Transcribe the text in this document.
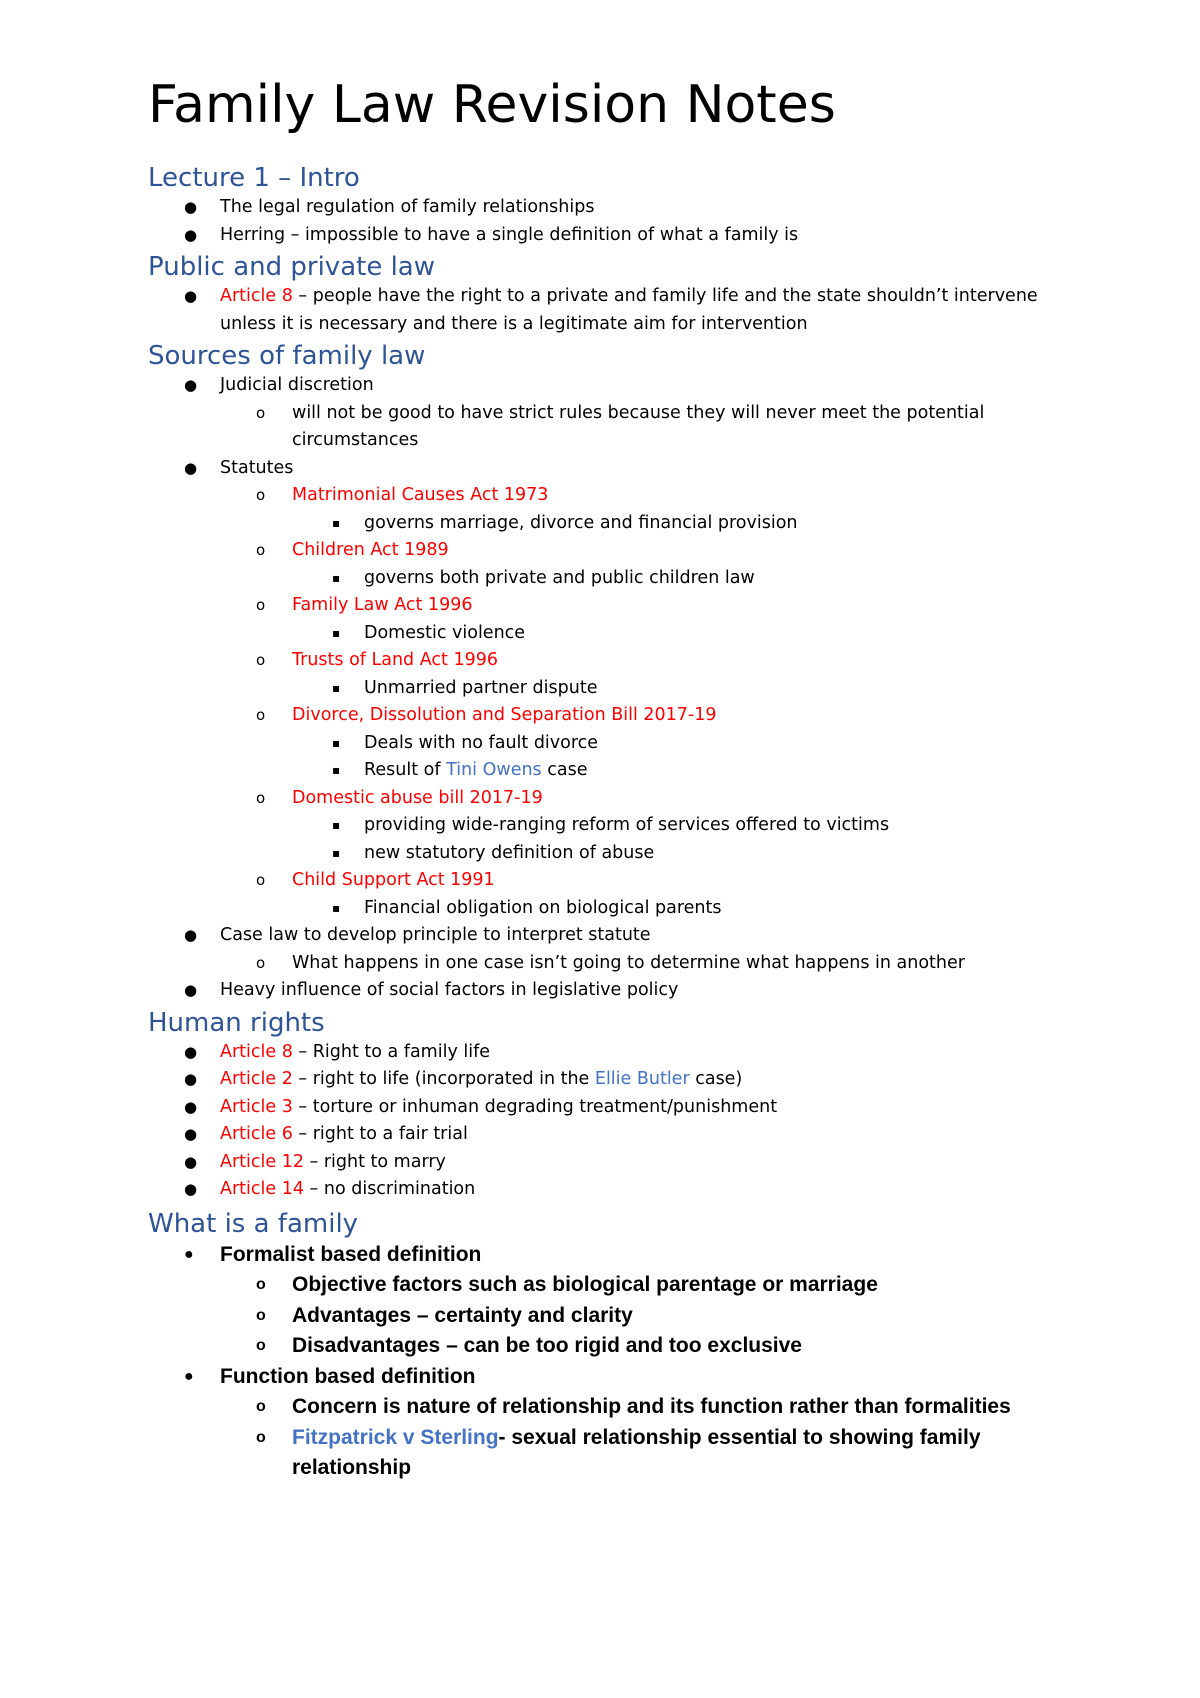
Family Law Revision Notes
Lecture 1 – Intro
● The legal regulation of family relationships
● Herring – impossible to have a single definition of what a family is
Public and private law
● Article 8 – people have the right to a private and family life and the state shouldn’t intervene unless it is necessary and there is a legitimate aim for intervention
Sources of family law
● Judicial discretion
o will not be good to have strict rules because they will never meet the potential circumstances
● Statutes
o Matrimonial Causes Act 1973
▪ governs marriage, divorce and financial provision
o Children Act 1989
▪ governs both private and public children law
o Family Law Act 1996
▪ Domestic violence
o Trusts of Land Act 1996
▪ Unmarried partner dispute
o Divorce, Dissolution and Separation Bill 2017-19
▪ Deals with no fault divorce
▪ Result of Tini Owens case
o Domestic abuse bill 2017-19
▪ providing wide-ranging reform of services offered to victims
▪ new statutory definition of abuse
o Child Support Act 1991
▪ Financial obligation on biological parents
● Case law to develop principle to interpret statute
o What happens in one case isn’t going to determine what happens in another
● Heavy influence of social factors in legislative policy
Human rights
● Article 8 – Right to a family life
● Article 2 – right to life (incorporated in the Ellie Butler case)
● Article 3 – torture or inhuman degrading treatment/punishment
● Article 6 – right to a fair trial
● Article 12 – right to marry
● Article 14 – no discrimination
What is a family
● Formalist based definition
o Objective factors such as biological parentage or marriage
o Advantages – certainty and clarity
o Disadvantages – can be too rigid and too exclusive
● Function based definition
o Concern is nature of relationship and its function rather than formalities
o Fitzpatrick v Sterling- sexual relationship essential to showing family relationship
